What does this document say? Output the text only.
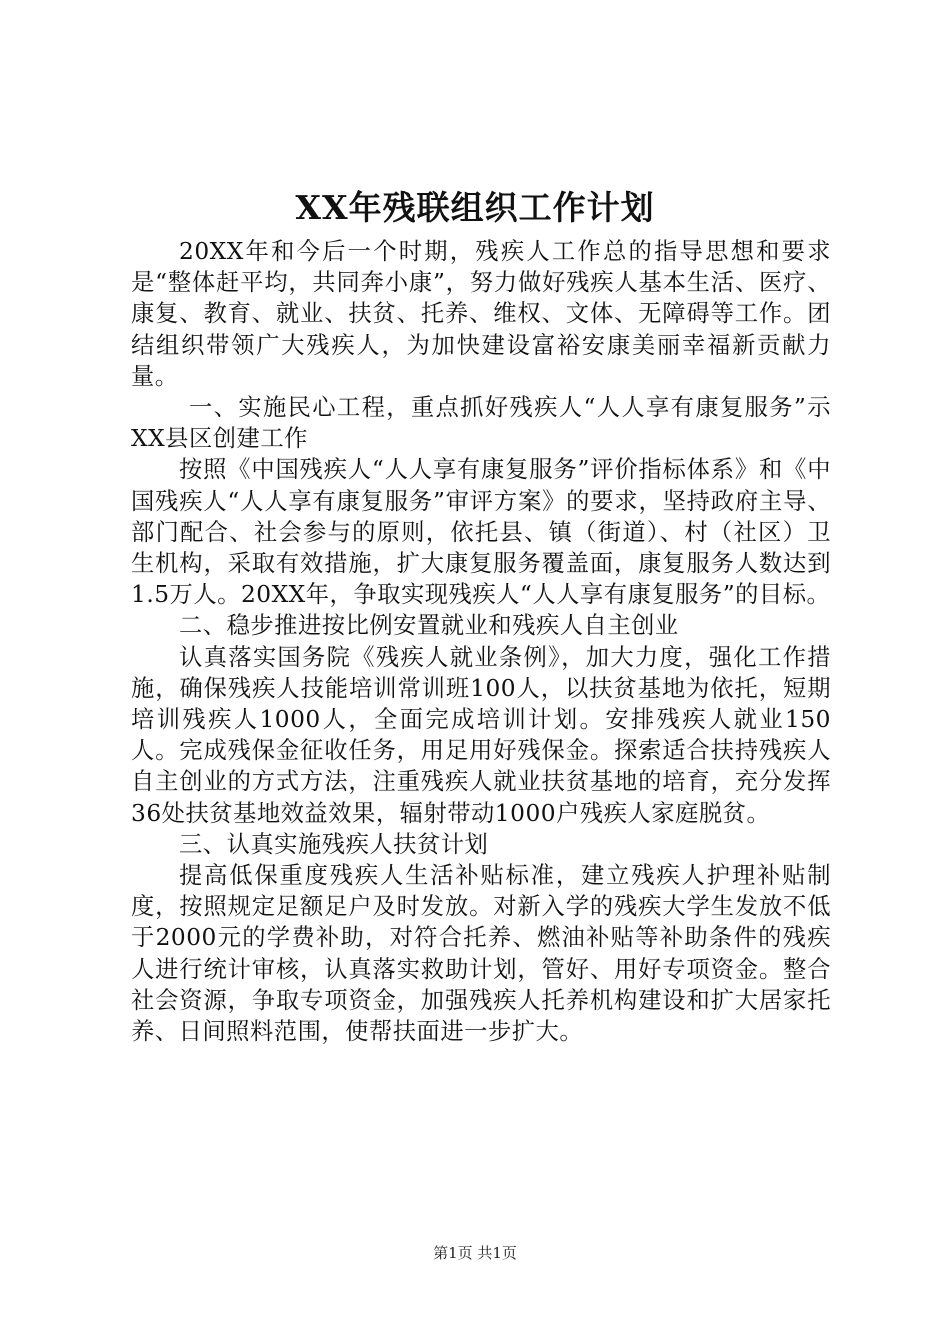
XX年残联组织工作计划

20XX年和今后一个时期，残疾人工作总的指导思想和要求是“整体赶平均，共同奔小康”，努力做好残疾人基本生活、医疗、康复、教育、就业、扶贫、托养、维权、文体、无障碍等工作。团结组织带领广大残疾人，为加快建设富裕安康美丽幸福新贡献力量。

一、实施民心工程，重点抓好残疾人“人人享有康复服务”示XX县区创建工作

按照《中国残疾人“人人享有康复服务”评价指标体系》和《中国残疾人“人人享有康复服务”审评方案》的要求，坚持政府主导、部门配合、社会参与的原则，依托县、镇（街道）、村（社区）卫生机构，采取有效措施，扩大康复服务覆盖面，康复服务人数达到1.5万人。20XX年，争取实现残疾人“人人享有康复服务”的目标。

二、稳步推进按比例安置就业和残疾人自主创业

认真落实国务院《残疾人就业条例》，加大力度，强化工作措施，确保残疾人技能培训常训班100人，以扶贫基地为依托，短期培训残疾人1000人，全面完成培训计划。安排残疾人就业150人。完成残保金征收任务，用足用好残保金。探索适合扶持残疾人自主创业的方式方法，注重残疾人就业扶贫基地的培育，充分发挥36处扶贫基地效益效果，辐射带动1000户残疾人家庭脱贫。

三、认真实施残疾人扶贫计划

提高低保重度残疾人生活补贴标准，建立残疾人护理补贴制度，按照规定足额足户及时发放。对新入学的残疾大学生发放不低于2000元的学费补助，对符合托养、燃油补贴等补助条件的残疾人进行统计审核，认真落实救助计划，管好、用好专项资金。整合社会资源，争取专项资金，加强残疾人托养机构建设和扩大居家托养、日间照料范围，使帮扶面进一步扩大。

第1页 共1页
